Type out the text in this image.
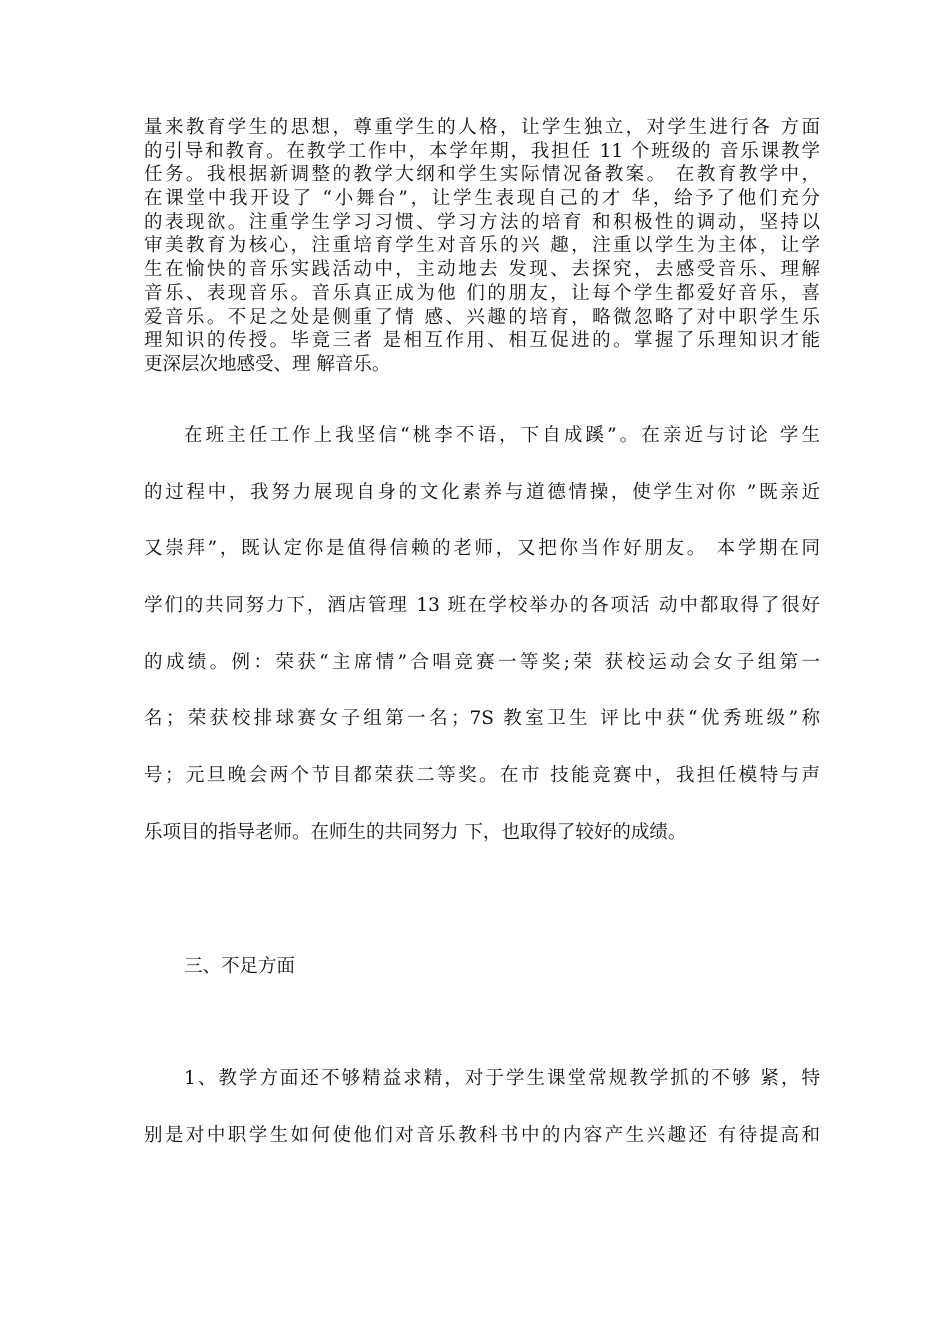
量来教育学生的思想，尊重学生的人格，让学生独立，对学生进行各 方面
的引导和教育。在教学工作中，本学年期，我担任 11 个班级的 音乐课教学
任务。我根据新调整的教学大纲和学生实际情况备教案。 在教育教学中，
在课堂中我开设了 “小舞台”，让学生表现自己的才 华，给予了他们充分
的表现欲。注重学生学习习惯、学习方法的培育 和积极性的调动，坚持以
审美教育为核心，注重培育学生对音乐的兴 趣，注重以学生为主体，让学
生在愉快的音乐实践活动中，主动地去 发现、去探究，去感受音乐、理解
音乐、表现音乐。音乐真正成为他 们的朋友，让每个学生都爱好音乐，喜
爱音乐。不足之处是侧重了情 感、兴趣的培育，略微忽略了对中职学生乐
理知识的传授。毕竟三者 是相互作用、相互促进的。掌握了乐理知识才能
更深层次地感受、理 解音乐。
在班主任工作上我坚信“桃李不语，下自成蹊”。在亲近与讨论 学生
的过程中，我努力展现自身的文化素养与道德情操，使学生对你 ”既亲近
又崇拜”，既认定你是值得信赖的老师，又把你当作好朋友。 本学期在同
学们的共同努力下，酒店管理 13 班在学校举办的各项活 动中都取得了很好
的成绩。例：荣获“主席情”合唱竞赛一等奖;荣 获校运动会女子组第一
名；荣获校排球赛女子组第一名；7S 教室卫生 评比中获“优秀班级”称
号；元旦晚会两个节目都荣获二等奖。在市 技能竞赛中，我担任模特与声
乐项目的指导老师。在师生的共同努力 下，也取得了较好的成绩。
三、不足方面
1、教学方面还不够精益求精，对于学生课堂常规教学抓的不够 紧，特
别是对中职学生如何使他们对音乐教科书中的内容产生兴趣还 有待提高和
